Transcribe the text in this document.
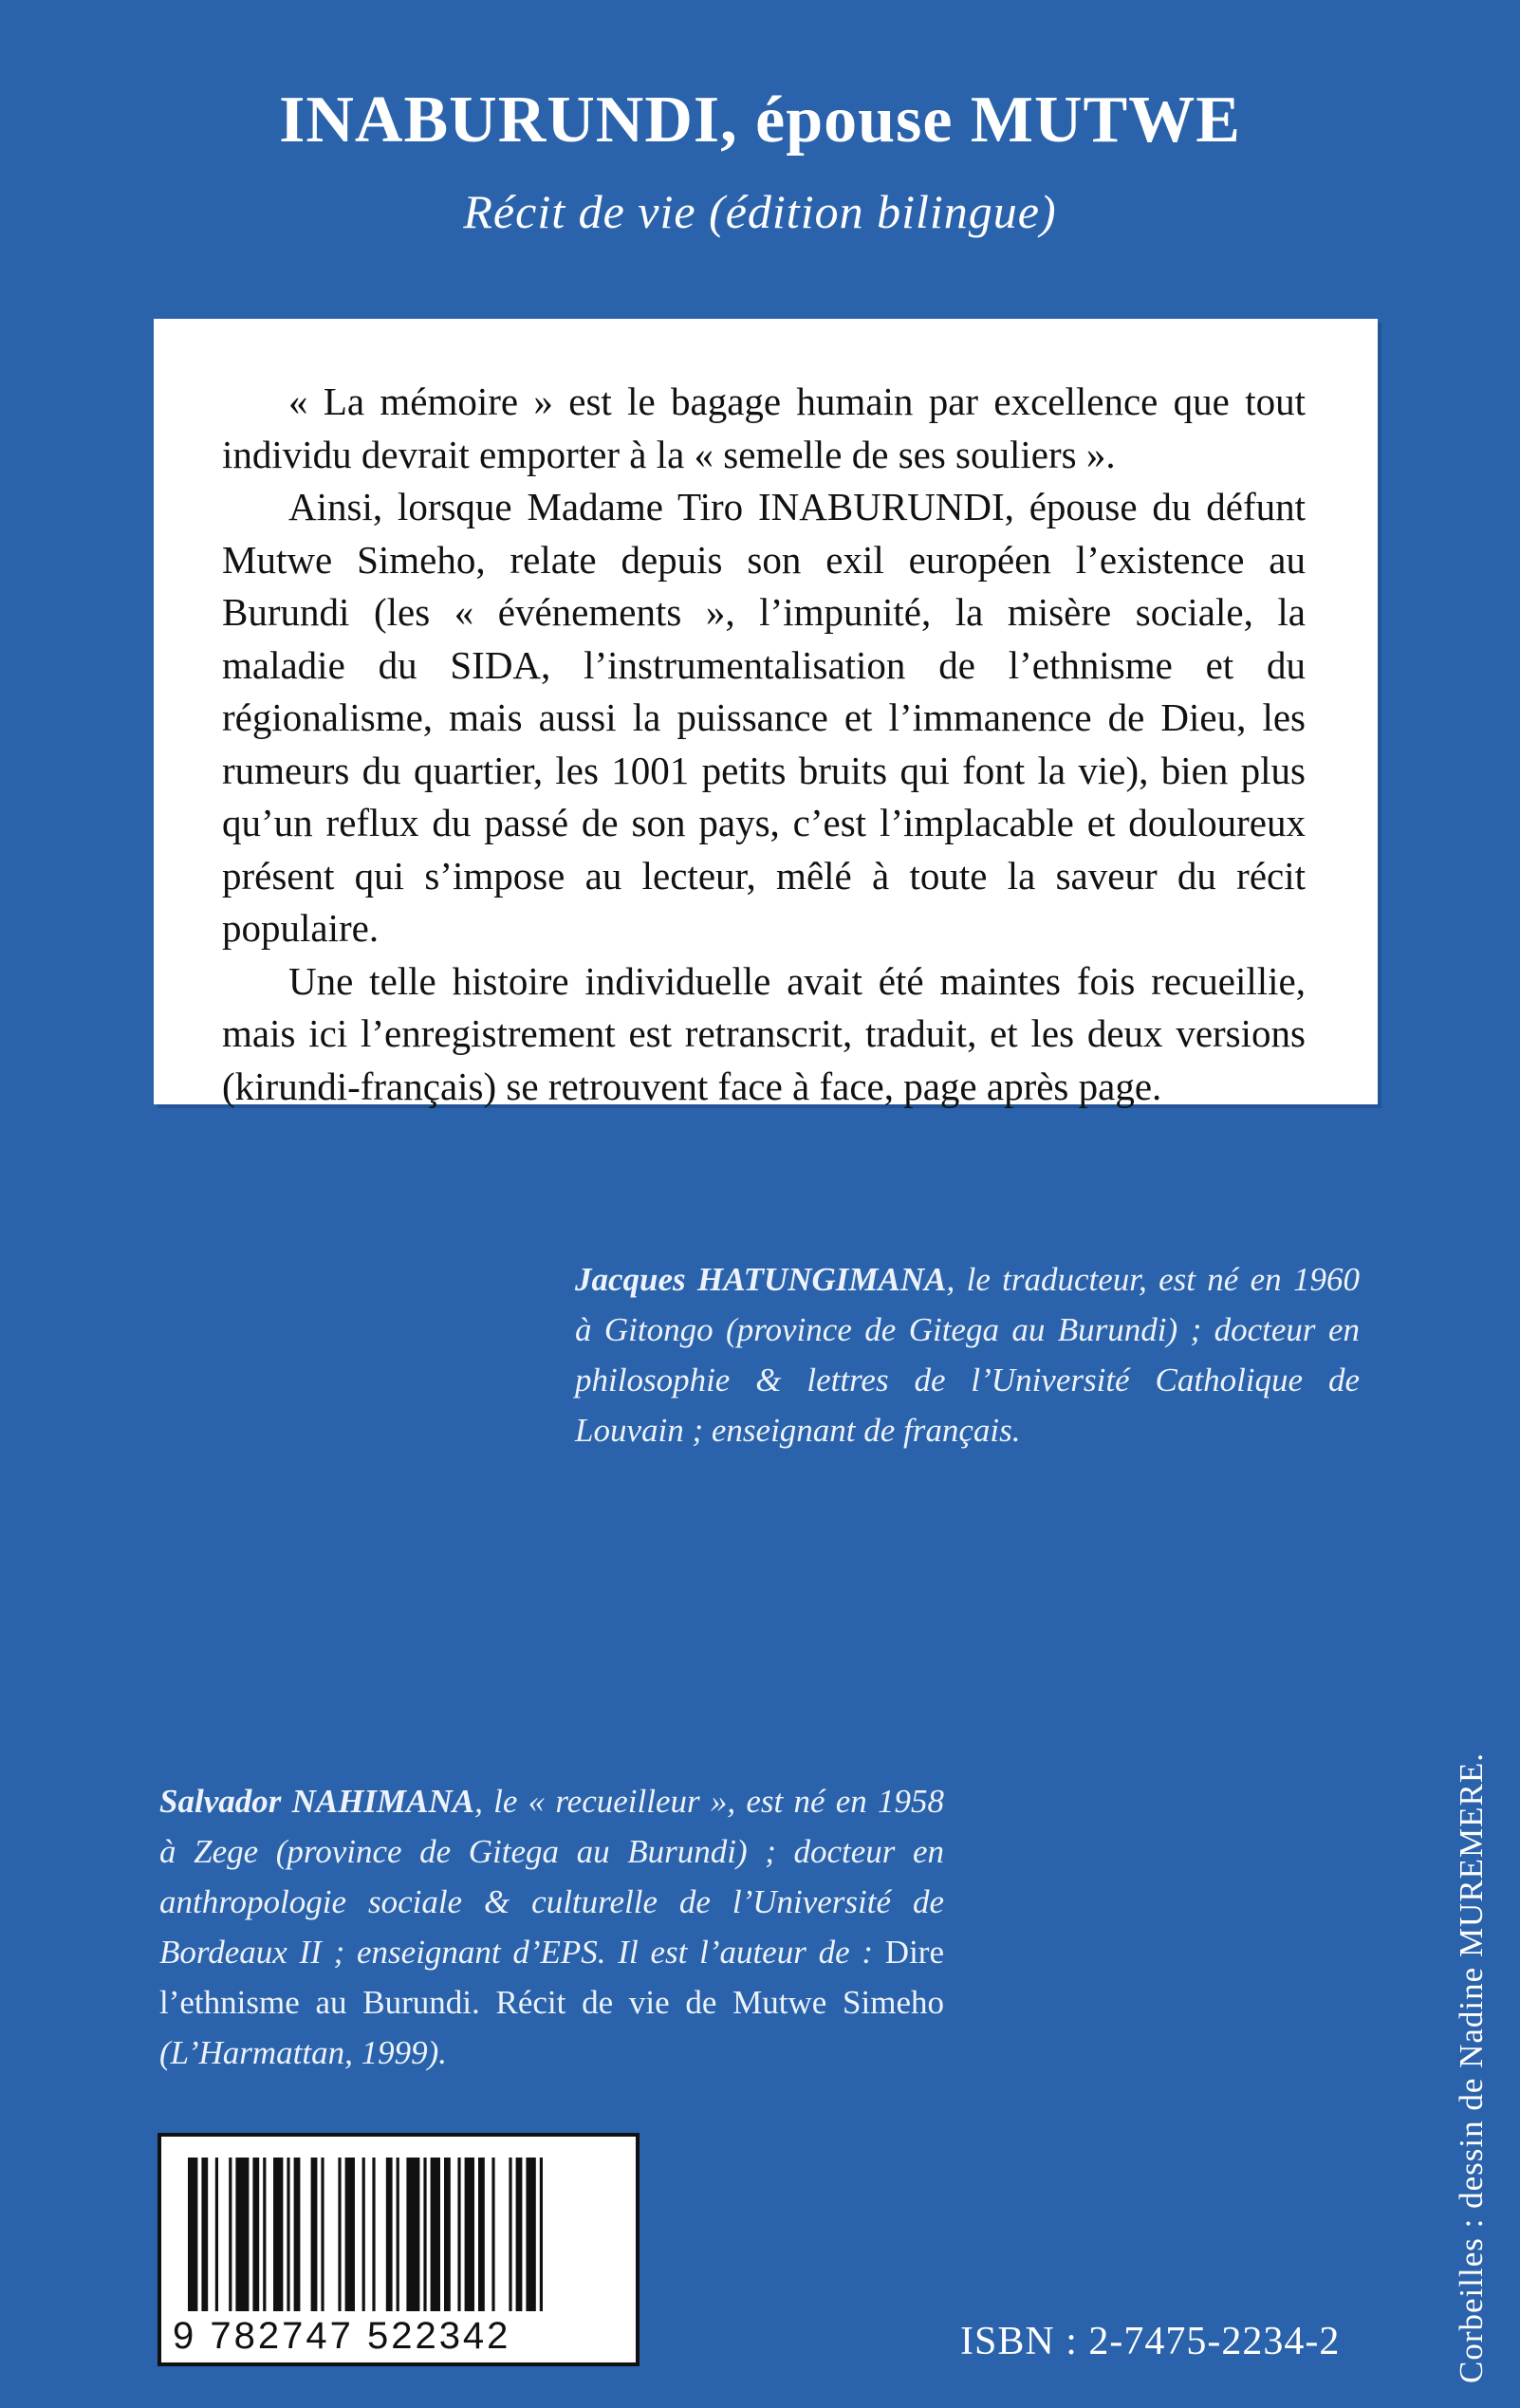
INABURUNDI, épouse MUTWE
Récit de vie (édition bilingue)

« La mémoire » est le bagage humain par excellence que tout individu devrait emporter à la « semelle de ses souliers ».

Ainsi, lorsque Madame Tiro INABURUNDI, épouse du défunt Mutwe Simeho, relate depuis son exil européen l’existence au Burundi (les « événements », l’impunité, la misère sociale, la maladie du SIDA, l’instrumentalisation de l’ethnisme et du régionalisme, mais aussi la puissance et l’immanence de Dieu, les rumeurs du quartier, les 1001 petits bruits qui font la vie), bien plus qu’un reflux du passé de son pays, c’est l’implacable et douloureux présent qui s’impose au lecteur, mêlé à toute la saveur du récit populaire.

Une telle histoire individuelle avait été maintes fois recueillie, mais ici l’enregistrement est retranscrit, traduit, et les deux versions (kirundi-français) se retrouvent face à face, page après page.

Jacques HATUNGIMANA, le traducteur, est né en 1960 à Gitongo (province de Gitega au Burundi) ; docteur en philosophie & lettres de l’Université Catholique de Louvain ; enseignant de français.
Salvador NAHIMANA, le « recueilleur », est né en 1958 à Zege (province de Gitega au Burundi) ; docteur en anthropologie sociale & culturelle de l’Université de Bordeaux II ; enseignant d’EPS. Il est l’auteur de : Dire l’ethnisme au Burundi. Récit de vie de Mutwe Simeho (L’Harmattan, 1999).
9 782747 522342	ISBN : 2-7475-2234-2	Corbeilles : dessin de Nadine MUREMERE.
